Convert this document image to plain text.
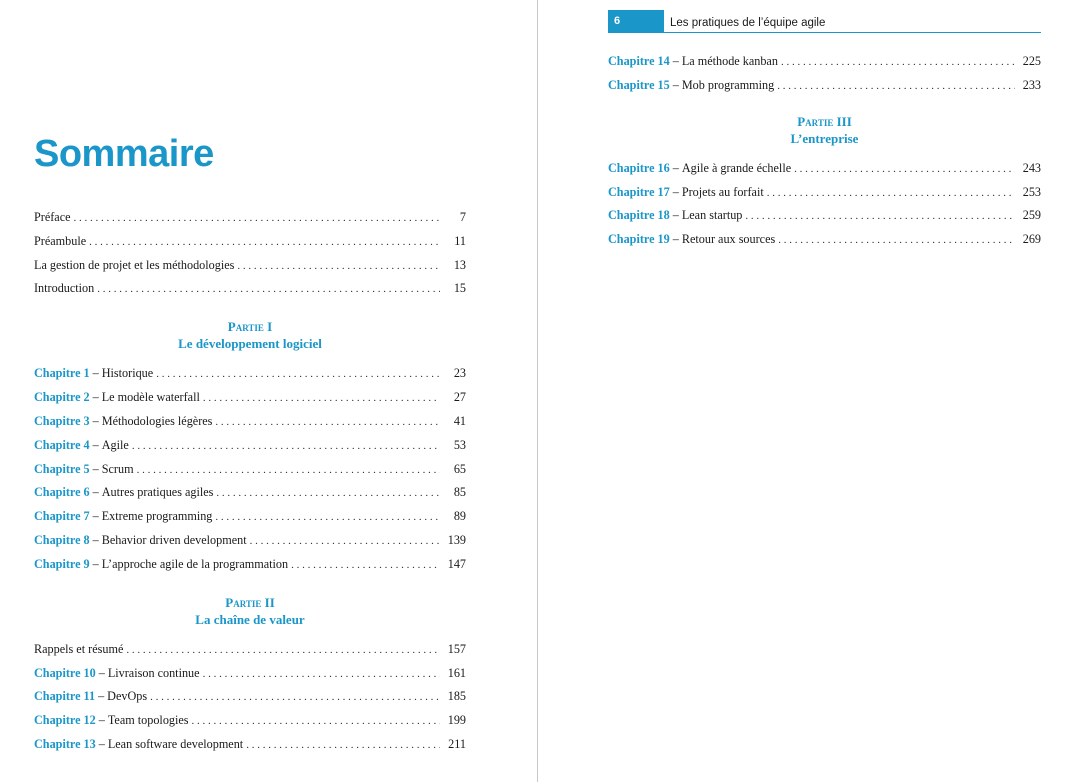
Sommaire
Préface . . .	7
Préambule . . .	11
La gestion de projet et les méthodologies . . .	13
Introduction . . .	15
Partie I
Le développement logiciel
Chapitre 1 – Historique . . .	23
Chapitre 2 – Le modèle waterfall . . .	27
Chapitre 3 – Méthodologies légères . . .	41
Chapitre 4 – Agile . . .	53
Chapitre 5 – Scrum . . .	65
Chapitre 6 – Autres pratiques agiles . . .	85
Chapitre 7 – Extreme programming . . .	89
Chapitre 8 – Behavior driven development . . .	139
Chapitre 9 – L’approche agile de la programmation . . .	147
Partie II
La chaîne de valeur
Rappels et résumé . . .	157
Chapitre 10 – Livraison continue . . .	161
Chapitre 11 – DevOps . . .	185
Chapitre 12 – Team topologies . . .	199
Chapitre 13 – Lean software development . . .	211
6	Les pratiques de l’équipe agile
Chapitre 14 – La méthode kanban . . .	225
Chapitre 15 – Mob programming . . .	233
Partie III
L’entreprise
Chapitre 16 – Agile à grande échelle . . .	243
Chapitre 17 – Projets au forfait . . .	253
Chapitre 18 – Lean startup . . .	259
Chapitre 19 – Retour aux sources . . .	269
